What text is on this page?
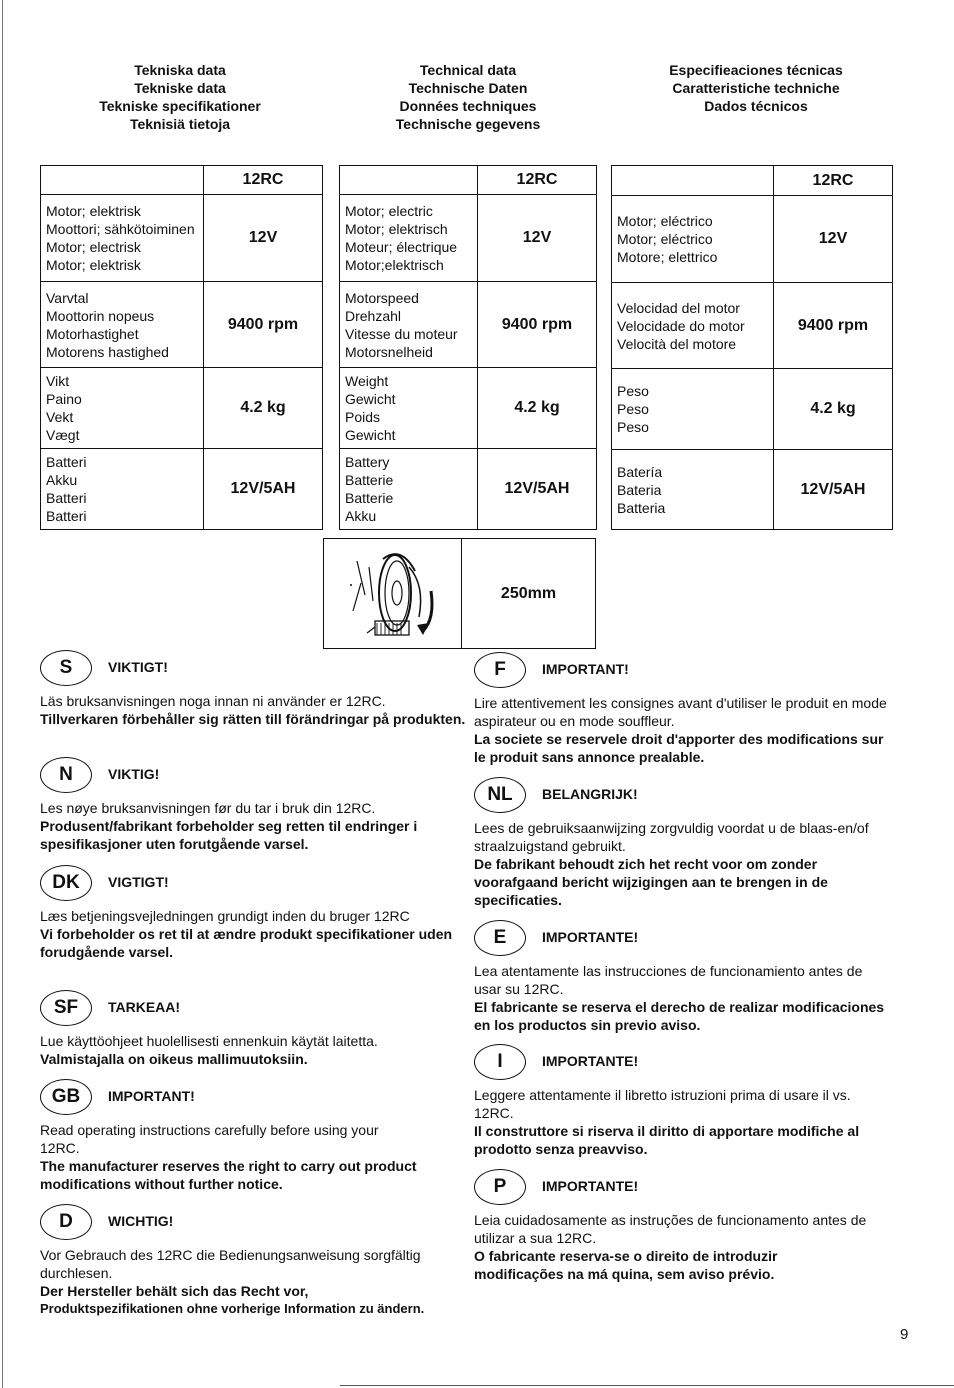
Tekniska data
Tekniske data
Tekniske specifikationer
Teknisiä tietoja
Technical data
Technische Daten
Données techniques
Technische gegevens
Especifieaciones técnicas
Caratteristiche techniche
Dados técnicos
	12RC

Motor; elektrisk
Moottori; sähkötoiminen
Motor; electrisk
Motor; elektrisk	12V

Varvtal
Moottorin nopeus
Motorhastighet
Motorens hastighed	9400 rpm

Vikt
Paino
Vekt
Vægt	4.2 kg

Batteri
Akku
Batteri
Batteri	12V/5AH
	12RC

Motor; electric
Motor; elektrisch
Moteur; électrique
Motor;elektrisch	12V

Motorspeed
Drehzahl
Vitesse du moteur
Motorsnelheid	9400 rpm

Weight
Gewicht
Poids
Gewicht	4.2 kg

Battery
Batterie
Batterie
Akku	12V/5AH
	12RC

Motor; eléctrico
Motor; eléctrico
Motore; elettrico	12V

Velocidad del motor
Velocidade do motor
Velocità del motore	9400 rpm

Peso
Peso
Peso	4.2 kg

Batería
Bateria
Batteria	12V/5AH
	250mm
S	VIKTIGT!

Läs bruksanvisningen noga innan ni använder er 12RC.

Tillverkaren förbehåller sig rätten till förändringar på produkten.

N	VIKTIG!

Les nøye bruksanvisningen før du tar i bruk din 12RC.

Produsent/fabrikant forbeholder seg retten til endringer i spesifikasjoner uten forutgående varsel.

DK	VIGTIGT!

Læs betjeningsvejledningen grundigt inden du bruger 12RC

Vi forbeholder os ret til at ændre produkt specifikationer uden forudgående varsel.

SF	TARKEAA!

Lue käyttöohjeet huolellisesti ennenkuin käytät laitetta.

Valmistajalla on oikeus mallimuutoksiin.

GB	IMPORTANT!

Read operating instructions carefully before using your 12RC.

The manufacturer reserves the right to carry out product modifications without further notice.

D	WICHTIG!

Vor Gebrauch des 12RC die Bedienungsanweisung sorgfältig durchlesen.

Der Hersteller behält sich das Recht vor,

Produktspezifikationen ohne vorherige Information zu ändern.

F	IMPORTANT!

Lire attentivement les consignes avant d'utiliser le produit en mode aspirateur ou en mode souffleur.

La societe se reservele droit d'apporter des modifications sur le produit sans annonce prealable.

NL	BELANGRIJK!

Lees de gebruiksaanwijzing zorgvuldig voordat u de blaas-en/of straalzuigstand gebruikt.

De fabrikant behoudt zich het recht voor om zonder voorafgaand bericht wijzigingen aan te brengen in de specificaties.

E	IMPORTANTE!

Lea atentamente las instrucciones de funcionamiento antes de usar su 12RC.

El fabricante se reserva el derecho de realizar modificaciones en los productos sin previo aviso.

I	IMPORTANTE!

Leggere attentamente il libretto istruzioni prima di usare il vs. 12RC.

Il construttore si riserva il diritto di apportare modifiche al prodotto senza preavviso.

P	IMPORTANTE!

Leia cuidadosamente as instruções de funcionamento antes de utilizar a sua 12RC.

O fabricante reserva-se o direito de introduzir modificações na má quina, sem aviso prévio.

9
